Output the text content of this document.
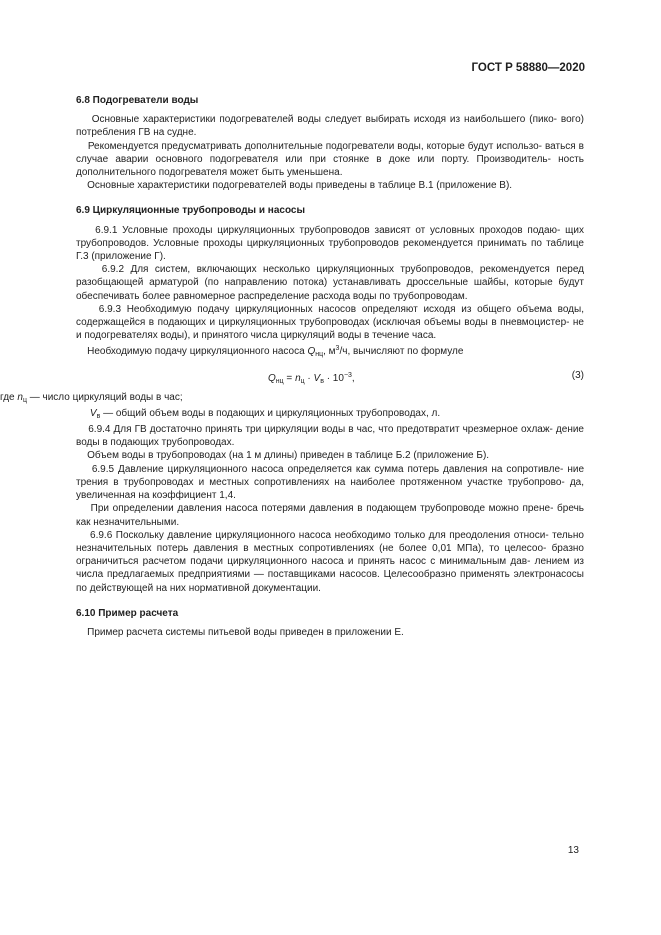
ГОСТ Р 58880—2020
6.8 Подогреватели воды

Основные характеристики подогревателей воды следует выбирать исходя из наибольшего (пико- вого) потребления ГВ на судне.

Рекомендуется предусматривать дополнительные подогреватели воды, которые будут использо- ваться в случае аварии основного подогревателя или при стоянке в доке или порту. Производитель- ность дополнительного подогревателя может быть уменьшена.

Основные характеристики подогревателей воды приведены в таблице В.1 (приложение В).

6.9 Циркуляционные трубопроводы и насосы

6.9.1 Условные проходы циркуляционных трубопроводов зависят от условных проходов подаю- щих трубопроводов. Условные проходы циркуляционных трубопроводов рекомендуется принимать по таблице Г.3 (приложение Г).

6.9.2 Для систем, включающих несколько циркуляционных трубопроводов, рекомендуется перед разобщающей арматурой (по направлению потока) устанавливать дроссельные шайбы, которые будут обеспечивать более равномерное распределение расхода воды по трубопроводам.

6.9.3 Необходимую подачу циркуляционных насосов определяют исходя из общего объема воды, содержащейся в подающих и циркуляционных трубопроводах (исключая объемы воды в пневмоцистер- не и подогревателях воды), и принятого числа циркуляций воды в течение часа.

Необходимую подачу циркуляционного насоса $Q_{нц}$, $м^3/ч$, вычисляют по формуле

$Q_{нц} = n_ц \cdot V_в \cdot 10^{-3}$,	(3)

где $n_ц$ — число циркуляций воды в час;

$V_в$ — общий объем воды в подающих и циркуляционных трубопроводах, л.

6.9.4 Для ГВ достаточно принять три циркуляции воды в час, что предотвратит чрезмерное охлаж- дение воды в подающих трубопроводах.

Объем воды в трубопроводах (на 1 м длины) приведен в таблице Б.2 (приложение Б).

6.9.5 Давление циркуляционного насоса определяется как сумма потерь давления на сопротивле- ние трения в трубопроводах и местных сопротивлениях на наиболее протяженном участке трубопрово- да, увеличенная на коэффициент 1,4.

При определении давления насоса потерями давления в подающем трубопроводе можно прене- бречь как незначительными.

6.9.6 Поскольку давление циркуляционного насоса необходимо только для преодоления относи- тельно незначительных потерь давления в местных сопротивлениях (не более 0,01 МПа), то целесоо- бразно ограничиться расчетом подачи циркуляционного насоса и принять насос с минимальным дав- лением из числа предлагаемых предприятиями — поставщиками насосов. Целесообразно применять электронасосы по действующей на них нормативной документации.

6.10 Пример расчета

Пример расчета системы питьевой воды приведен в приложении Е.

13
